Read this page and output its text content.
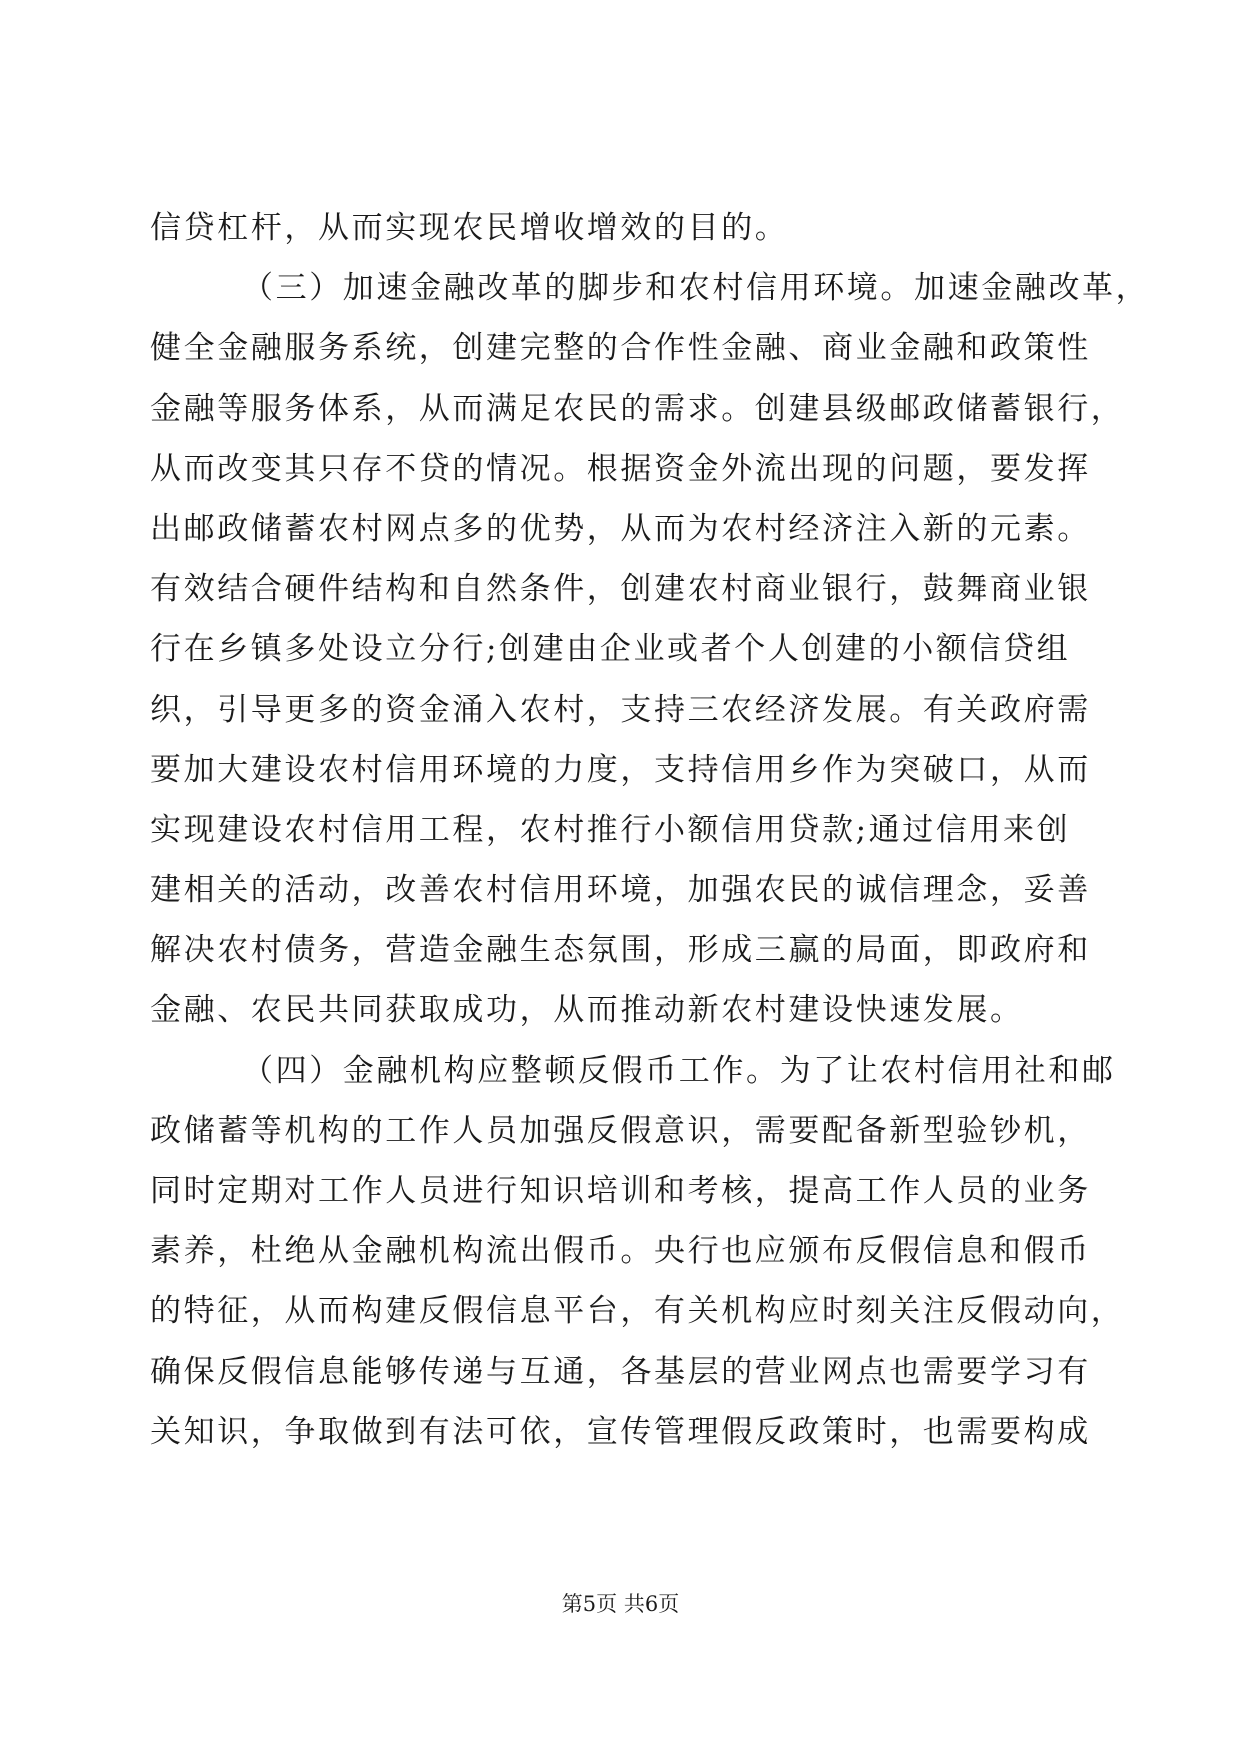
信贷杠杆，从而实现农民增收增效的目的。
（三）加速金融改革的脚步和农村信用环境。加速金融改革，
健全金融服务系统，创建完整的合作性金融、商业金融和政策性
金融等服务体系，从而满足农民的需求。创建县级邮政储蓄银行，
从而改变其只存不贷的情况。根据资金外流出现的问题，要发挥
出邮政储蓄农村网点多的优势，从而为农村经济注入新的元素。
有效结合硬件结构和自然条件，创建农村商业银行，鼓舞商业银
行在乡镇多处设立分行;创建由企业或者个人创建的小额信贷组
织，引导更多的资金涌入农村，支持三农经济发展。有关政府需
要加大建设农村信用环境的力度，支持信用乡作为突破口，从而
实现建设农村信用工程，农村推行小额信用贷款;通过信用来创
建相关的活动，改善农村信用环境，加强农民的诚信理念，妥善
解决农村债务，营造金融生态氛围，形成三赢的局面，即政府和
金融、农民共同获取成功，从而推动新农村建设快速发展。
（四）金融机构应整顿反假币工作。为了让农村信用社和邮
政储蓄等机构的工作人员加强反假意识，需要配备新型验钞机，
同时定期对工作人员进行知识培训和考核，提高工作人员的业务
素养，杜绝从金融机构流出假币。央行也应颁布反假信息和假币
的特征，从而构建反假信息平台，有关机构应时刻关注反假动向，
确保反假信息能够传递与互通，各基层的营业网点也需要学习有
关知识，争取做到有法可依，宣传管理假反政策时，也需要构成
第5页 共6页
